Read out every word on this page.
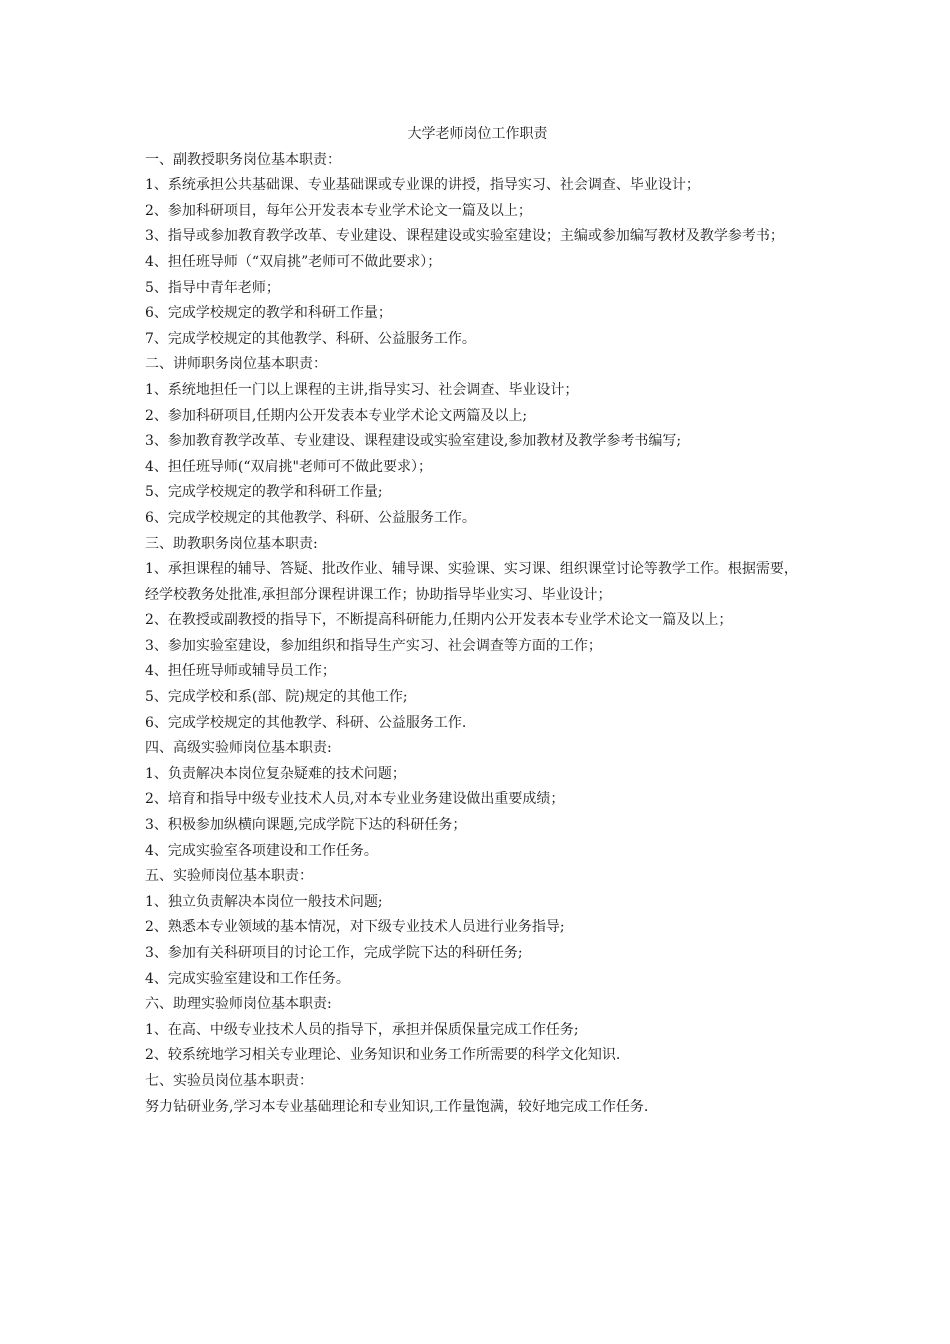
大学老师岗位工作职责

一、副教授职务岗位基本职责：

1、系统承担公共基础课、专业基础课或专业课的讲授，指导实习、社会调查、毕业设计；

2、参加科研项目，每年公开发表本专业学术论文一篇及以上；

3、指导或参加教育教学改革、专业建设、课程建设或实验室建设；主编或参加编写教材及教学参考书；

4、担任班导师（“双肩挑”老师可不做此要求）；

5、指导中青年老师；

6、完成学校规定的教学和科研工作量；

7、完成学校规定的其他教学、科研、公益服务工作。

二、讲师职务岗位基本职责：

1、系统地担任一门以上课程的主讲,指导实习、社会调查、毕业设计；

2、参加科研项目,任期内公开发表本专业学术论文两篇及以上;

3、参加教育教学改革、专业建设、课程建设或实验室建设,参加教材及教学参考书编写;

4、担任班导师(“双肩挑"老师可不做此要求）；

5、完成学校规定的教学和科研工作量;

6、完成学校规定的其他教学、科研、公益服务工作。

三、助教职务岗位基本职责:

1、承担课程的辅导、答疑、批改作业、辅导课、实验课、实习课、组织课堂讨论等教学工作。根据需要，经学校教务处批准,承担部分课程讲课工作；协助指导毕业实习、毕业设计；

2、在教授或副教授的指导下，不断提高科研能力,任期内公开发表本专业学术论文一篇及以上；

3、参加实验室建设，参加组织和指导生产实习、社会调查等方面的工作；

4、担任班导师或辅导员工作；

5、完成学校和系(部、院)规定的其他工作;

6、完成学校规定的其他教学、科研、公益服务工作.

四、高级实验师岗位基本职责:

1、负责解决本岗位复杂疑难的技术问题；

2、培育和指导中级专业技术人员,对本专业业务建设做出重要成绩；

3、积极参加纵横向课题,完成学院下达的科研任务；

4、完成实验室各项建设和工作任务。

五、实验师岗位基本职责：

1、独立负责解决本岗位一般技术问题;

2、熟悉本专业领域的基本情况，对下级专业技术人员进行业务指导;

3、参加有关科研项目的讨论工作，完成学院下达的科研任务;

4、完成实验室建设和工作任务。

六、助理实验师岗位基本职责:

1、在高、中级专业技术人员的指导下，承担并保质保量完成工作任务;

2、较系统地学习相关专业理论、业务知识和业务工作所需要的科学文化知识.

七、实验员岗位基本职责：

努力钻研业务,学习本专业基础理论和专业知识,工作量饱满，较好地完成工作任务.
